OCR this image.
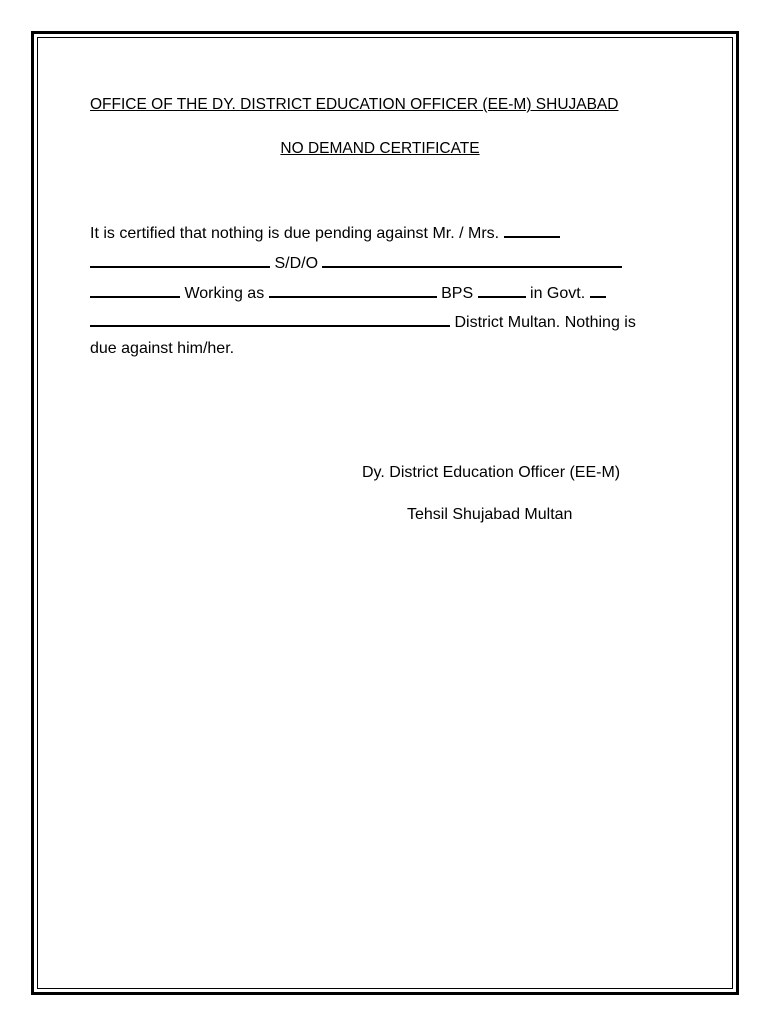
OFFICE OF THE DY. DISTRICT EDUCATION OFFICER (EE-M) SHUJABAD
NO DEMAND CERTIFICATE
It is certified that nothing is due pending against Mr. / Mrs.
S/D/O
Working as	BPS	in Govt.
District Multan. Nothing is
due against him/her.
Dy. District Education Officer (EE-M)
Tehsil Shujabad Multan
